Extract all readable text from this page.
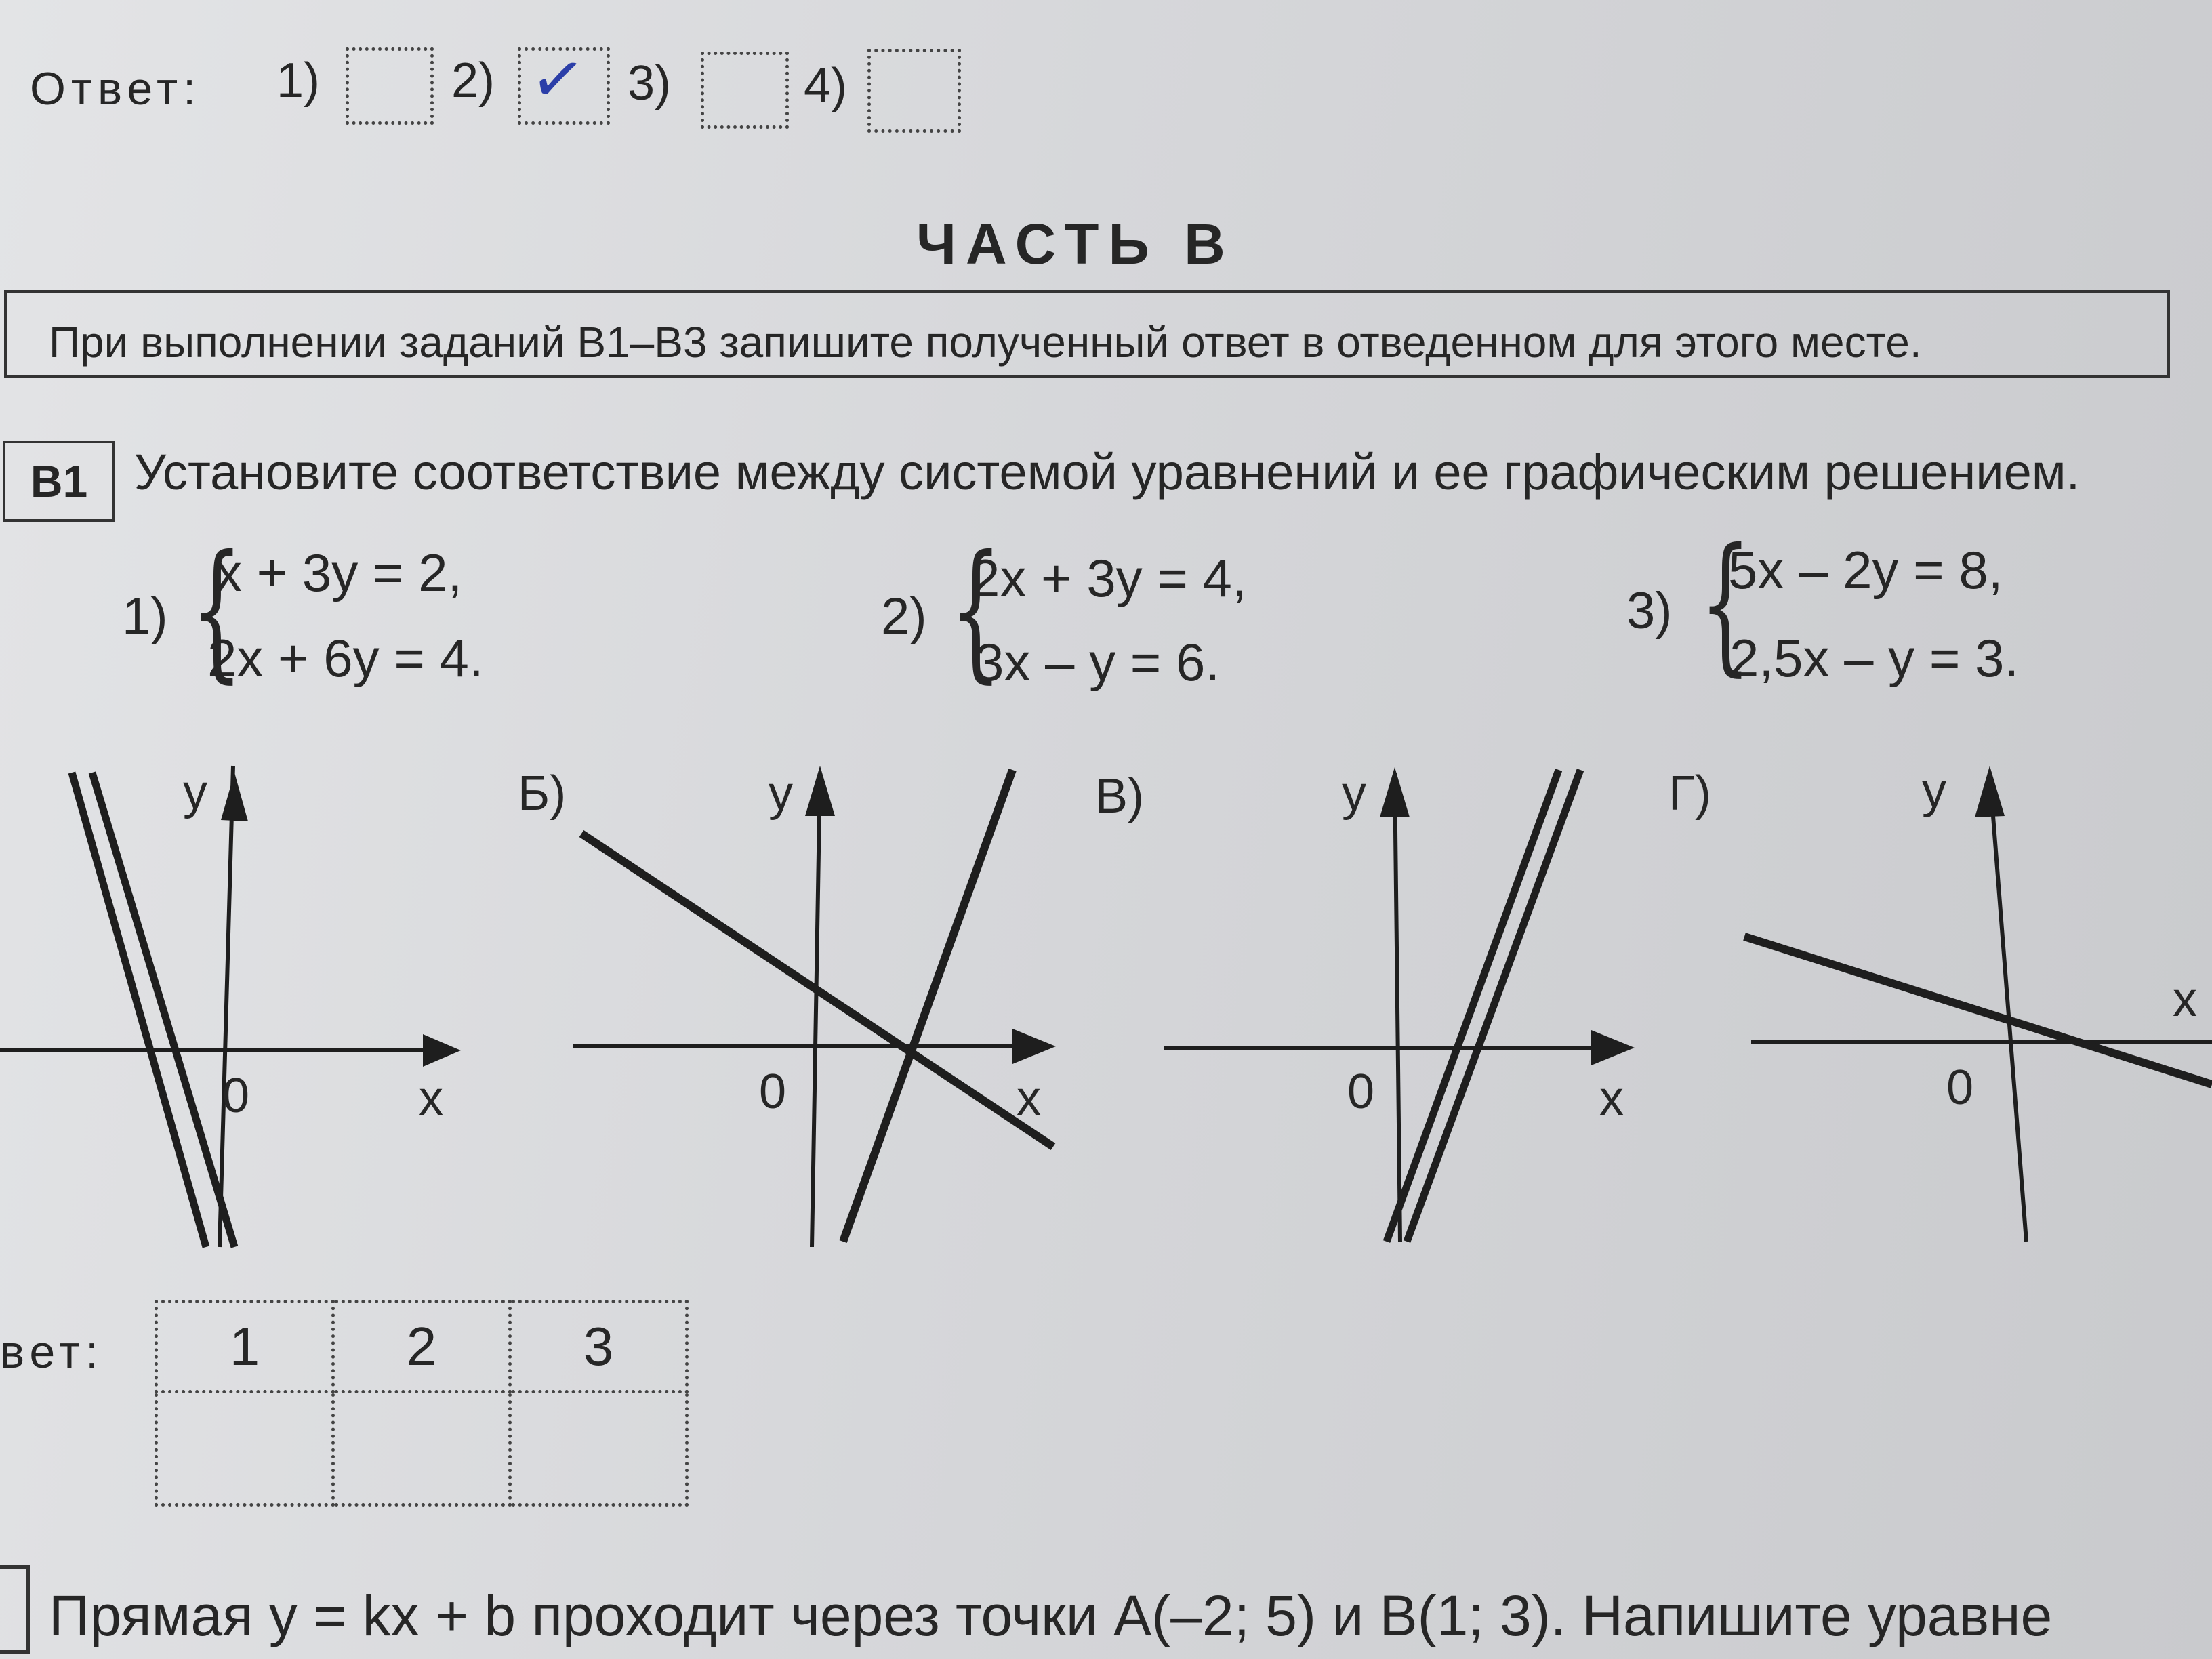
Ответ: 1)	2) ✓ 3)	4)
ЧАСТЬ В
При выполнении заданий В1–В3 запишите полученный ответ в отведенном для этого месте.
В1 Установите соответствие между системой уравнений и ее графическим решением.
1) {
x + 3y = 2,
2x + 6y = 4.
2) {
2x + 3y = 4,
3x – y = 6.
3) {
5x – 2y = 8,
2,5x – y = 3.
y
0	x
Б)	y
0	x
В)	y
0	x
Г)	y
0
x
вет: 1	2	3

Прямая y = kx + b проходит через точки A(–2; 5) и B(1; 3). Напишите уравне
